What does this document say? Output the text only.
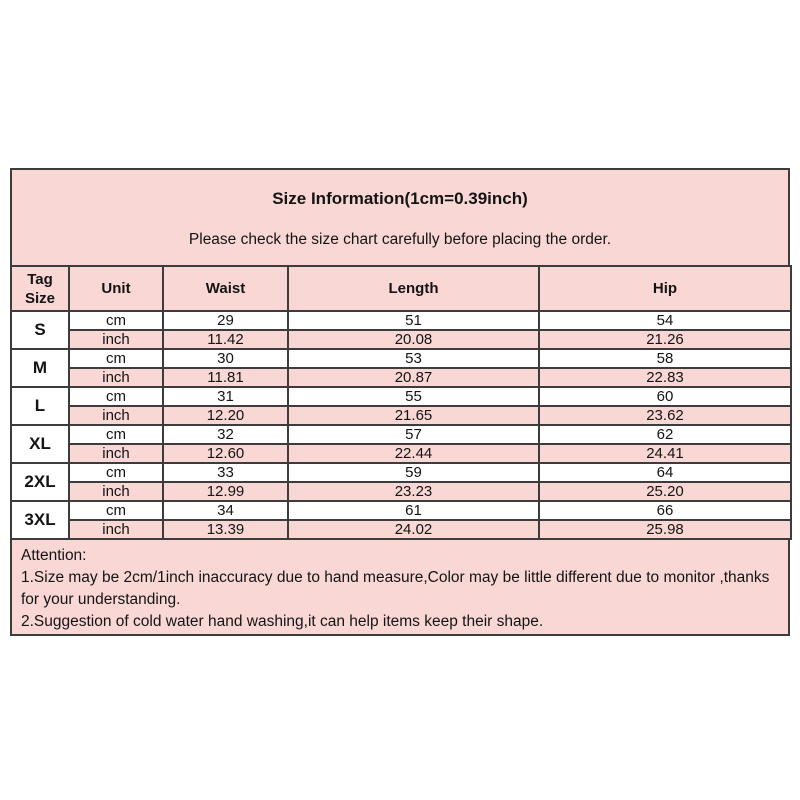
Size Information(1cm=0.39inch)
Please check the size chart carefully before placing the order.
Tag Size	Unit	Waist	Length	Hip
S	cm	29	51	54
	inch	11.42	20.08	21.26
M	cm	30	53	58
	inch	11.81	20.87	22.83
L	cm	31	55	60
	inch	12.20	21.65	23.62
XL	cm	32	57	62
	inch	12.60	22.44	24.41
2XL	cm	33	59	64
	inch	12.99	23.23	25.20
3XL	cm	34	61	66
	inch	13.39	24.02	25.98
Attention:
1.Size may be 2cm/1inch inaccuracy due to hand measure,Color may be little different due to monitor ,thanks for your understanding.
2.Suggestion of cold water hand washing,it can help items keep their shape.
